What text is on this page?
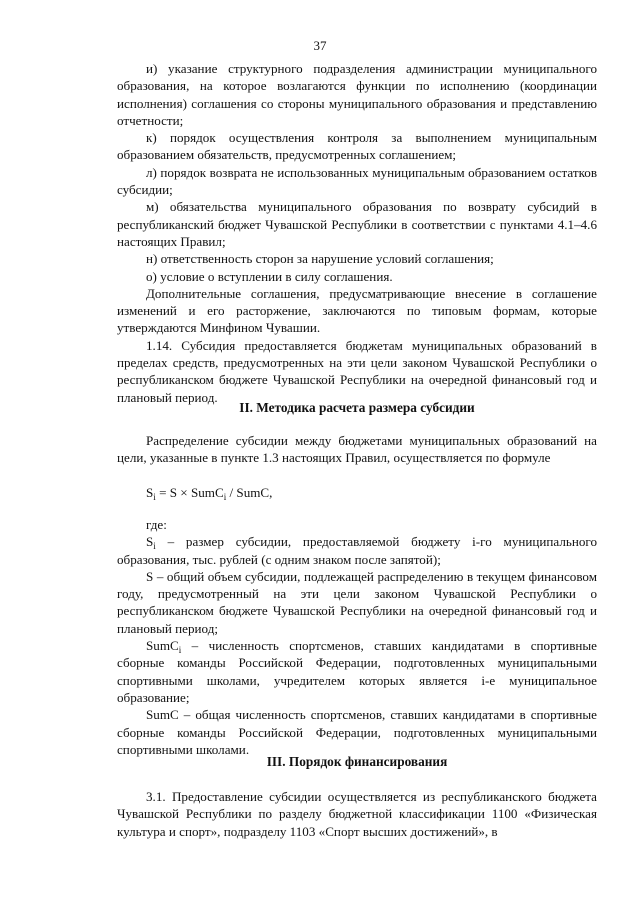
37

и) указание структурного подразделения администрации муниципального образования, на которое возлагаются функции по исполнению (координации исполнения) соглашения со стороны муниципального образования и представлению отчетности;

к) порядок осуществления контроля за выполнением муниципальным образованием обязательств, предусмотренных соглашением;

л) порядок возврата не использованных муниципальным образованием остатков субсидии;

м) обязательства муниципального образования по возврату субсидий в республиканский бюджет Чувашской Республики в соответствии с пунктами 4.1–4.6 настоящих Правил;

н) ответственность сторон за нарушение условий соглашения;

о) условие о вступлении в силу соглашения.

Дополнительные соглашения, предусматривающие внесение в соглашение изменений и его расторжение, заключаются по типовым формам, которые утверждаются Минфином Чувашии.

1.14. Субсидия предоставляется бюджетам муниципальных образований в пределах средств, предусмотренных на эти цели законом Чувашской Республики о республиканском бюджете Чувашской Республики на очередной финансовый год и плановый период.

II. Методика расчета размера субсидии

Распределение субсидии между бюджетами муниципальных образований на цели, указанные в пункте 1.3 настоящих Правил, осуществляется по формуле

$S_i = S$ × SumC$_i$ / SumC,

где:

$S_i$ – размер субсидии, предоставляемой бюджету i-го муниципального образования, тыс. рублей (с одним знаком после запятой);

S – общий объем субсидии, подлежащей распределению в текущем финансовом году, предусмотренный на эти цели законом Чувашской Республики о республиканском бюджете Чувашской Республики на очередной финансовый год и плановый период;

SumC$_i$ – численность спортсменов, ставших кандидатами в спортивные сборные команды Российской Федерации, подготовленных муниципальными спортивными школами, учредителем которых является i-е муниципальное образование;

SumC – общая численность спортсменов, ставших кандидатами в спортивные сборные команды Российской Федерации, подготовленных муниципальными спортивными школами.

III. Порядок финансирования

3.1. Предоставление субсидии осуществляется из республиканского бюджета Чувашской Республики по разделу бюджетной классификации 1100 «Физическая культура и спорт», подразделу 1103 «Спорт высших достижений», в
